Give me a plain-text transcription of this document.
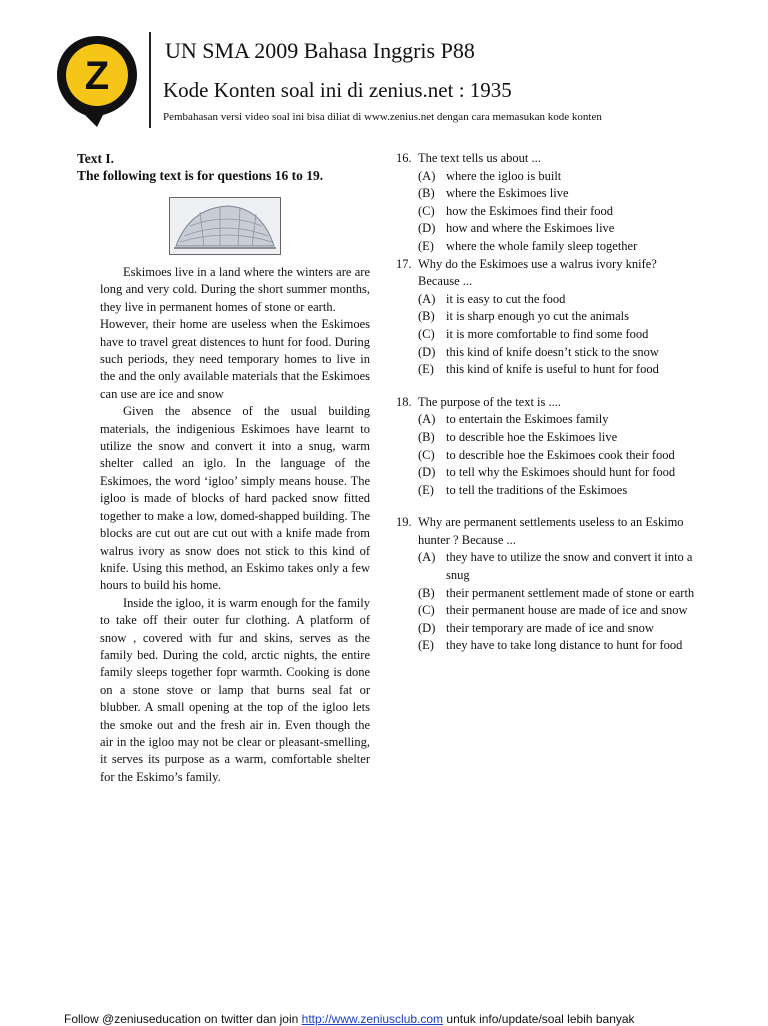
Z
UN SMA 2009 Bahasa Inggris P88
Kode Konten soal ini di zenius.net : 1935
Pembahasan versi video soal ini bisa diliat di www.zenius.net dengan cara memasukan kode konten
Text I.
The following text is for questions 16 to 19.

Eskimoes live in a land where the winters are are long and very cold. During the short summer months, they live in permanent homes of stone or earth.

However, their home are useless when the Eskimoes have to travel great distences to hunt for food. During such periods, they need temporary homes to live in the and the only available materials that the Eskimoes can use are ice and snow

Given the absence of the usual building materials, the indigenious Eskimoes have learnt to utilize the snow and convert it into a snug, warm shelter called an iglo. In the language of the Eskimoes, the word ‘igloo’ simply means house. The igloo is made of blocks of hard packed snow fitted together to make a low, domed-shapped building. The blocks are cut out are cut out with a knife made from walrus ivory as snow does not stick to this kind of knife. Using this method, an Eskimo takes only a few hours to build his home.

Inside the igloo, it is warm enough for the family to take off their outer fur clothing. A platform of snow , covered with fur and skins, serves as the family bed. During the cold, arctic nights, the entire family sleeps together fopr warmth. Cooking is done on a stone stove or lamp that burns seal fat or blubber. A small opening at the top of the igloo lets the smoke out and the fresh air in. Even though the air in the igloo may not be clear or pleasant-smelling, it serves its purpose as a warm, comfortable shelter for the Eskimo’s family.

16. The text tells us about ...
(A) where the igloo is built
(B) where the Eskimoes live
(C) how the Eskimoes find their food
(D) how and where the Eskimoes live
(E) where the whole family sleep together
17. Why do the Eskimoes use a walrus ivory knife? Because ...
(A) it is easy to cut the food
(B) it is sharp enough yo cut the animals
(C) it is more comfortable to find some food
(D) this kind of knife doesn’t stick to the snow
(E) this kind of knife is useful to hunt for food
18. The purpose of the text is ....
(A) to entertain the Eskimoes family
(B) to describle hoe the Eskimoes live
(C) to describle hoe the Eskimoes cook their food
(D) to tell why the Eskimoes should hunt for food
(E) to tell the traditions of the Eskimoes
19. Why are permanent settlements useless to an Eskimo hunter ? Because ...
(A) they have to utilize the snow and convert it into a snug
(B) their permanent settlement made of stone or earth
(C) their permanent house are made of ice and snow
(D) their temporary are made of ice and snow
(E) they have to take long distance to hunt for food
Follow @zeniuseducation on twitter dan join http://www.zeniusclub.com untuk info/update/soal lebih banyak
